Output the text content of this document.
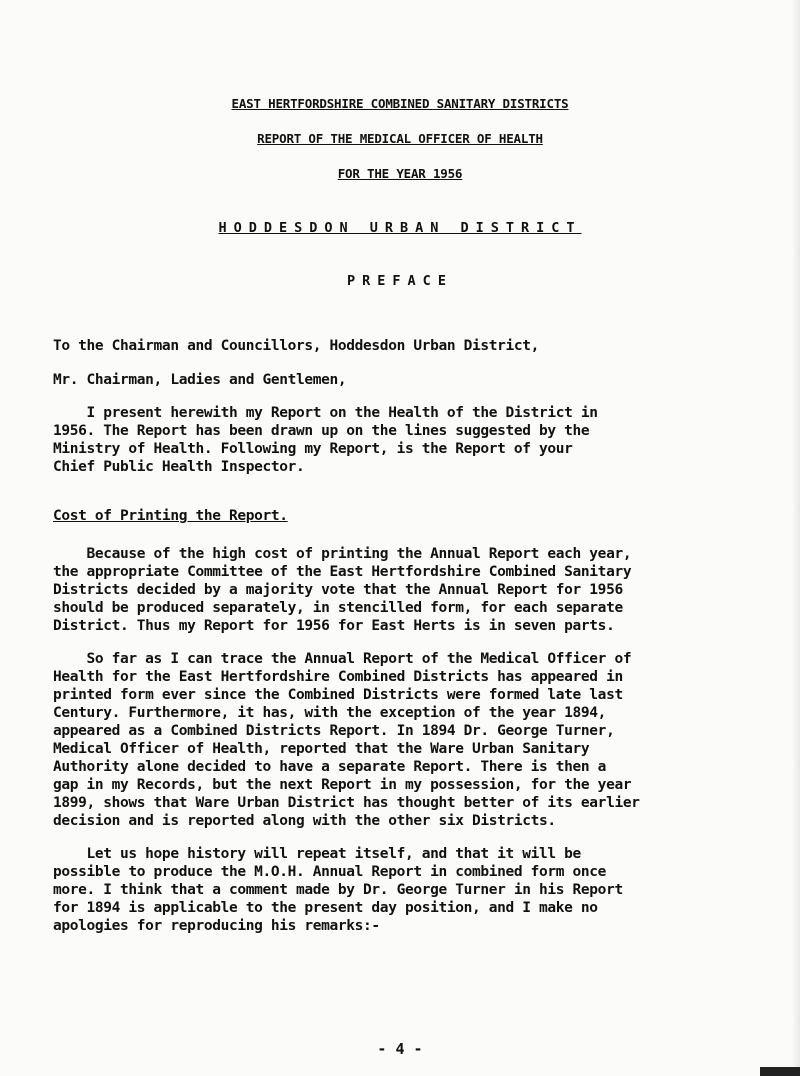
EAST HERTFORDSHIRE COMBINED SANITARY DISTRICTS
REPORT OF THE MEDICAL OFFICER OF HEALTH
FOR THE YEAR 1956
HODDESDON URBAN DISTRICT
PREFACE
To the Chairman and Councillors, Hoddesdon Urban District,
Mr. Chairman, Ladies and Gentlemen,
I present herewith my Report on the Health of the District in
1956. The Report has been drawn up on the lines suggested by the
Ministry of Health. Following my Report, is the Report of your
Chief Public Health Inspector.
Cost of Printing the Report.
Because of the high cost of printing the Annual Report each year,
the appropriate Committee of the East Hertfordshire Combined Sanitary
Districts decided by a majority vote that the Annual Report for 1956
should be produced separately, in stencilled form, for each separate
District. Thus my Report for 1956 for East Herts is in seven parts.
So far as I can trace the Annual Report of the Medical Officer of
Health for the East Hertfordshire Combined Districts has appeared in
printed form ever since the Combined Districts were formed late last
Century. Furthermore, it has, with the exception of the year 1894,
appeared as a Combined Districts Report. In 1894 Dr. George Turner,
Medical Officer of Health, reported that the Ware Urban Sanitary
Authority alone decided to have a separate Report. There is then a
gap in my Records, but the next Report in my possession, for the year
1899, shows that Ware Urban District has thought better of its earlier
decision and is reported along with the other six Districts.
Let us hope history will repeat itself, and that it will be
possible to produce the M.O.H. Annual Report in combined form once
more. I think that a comment made by Dr. George Turner in his Report
for 1894 is applicable to the present day position, and I make no
apologies for reproducing his remarks:-
- 4 -
